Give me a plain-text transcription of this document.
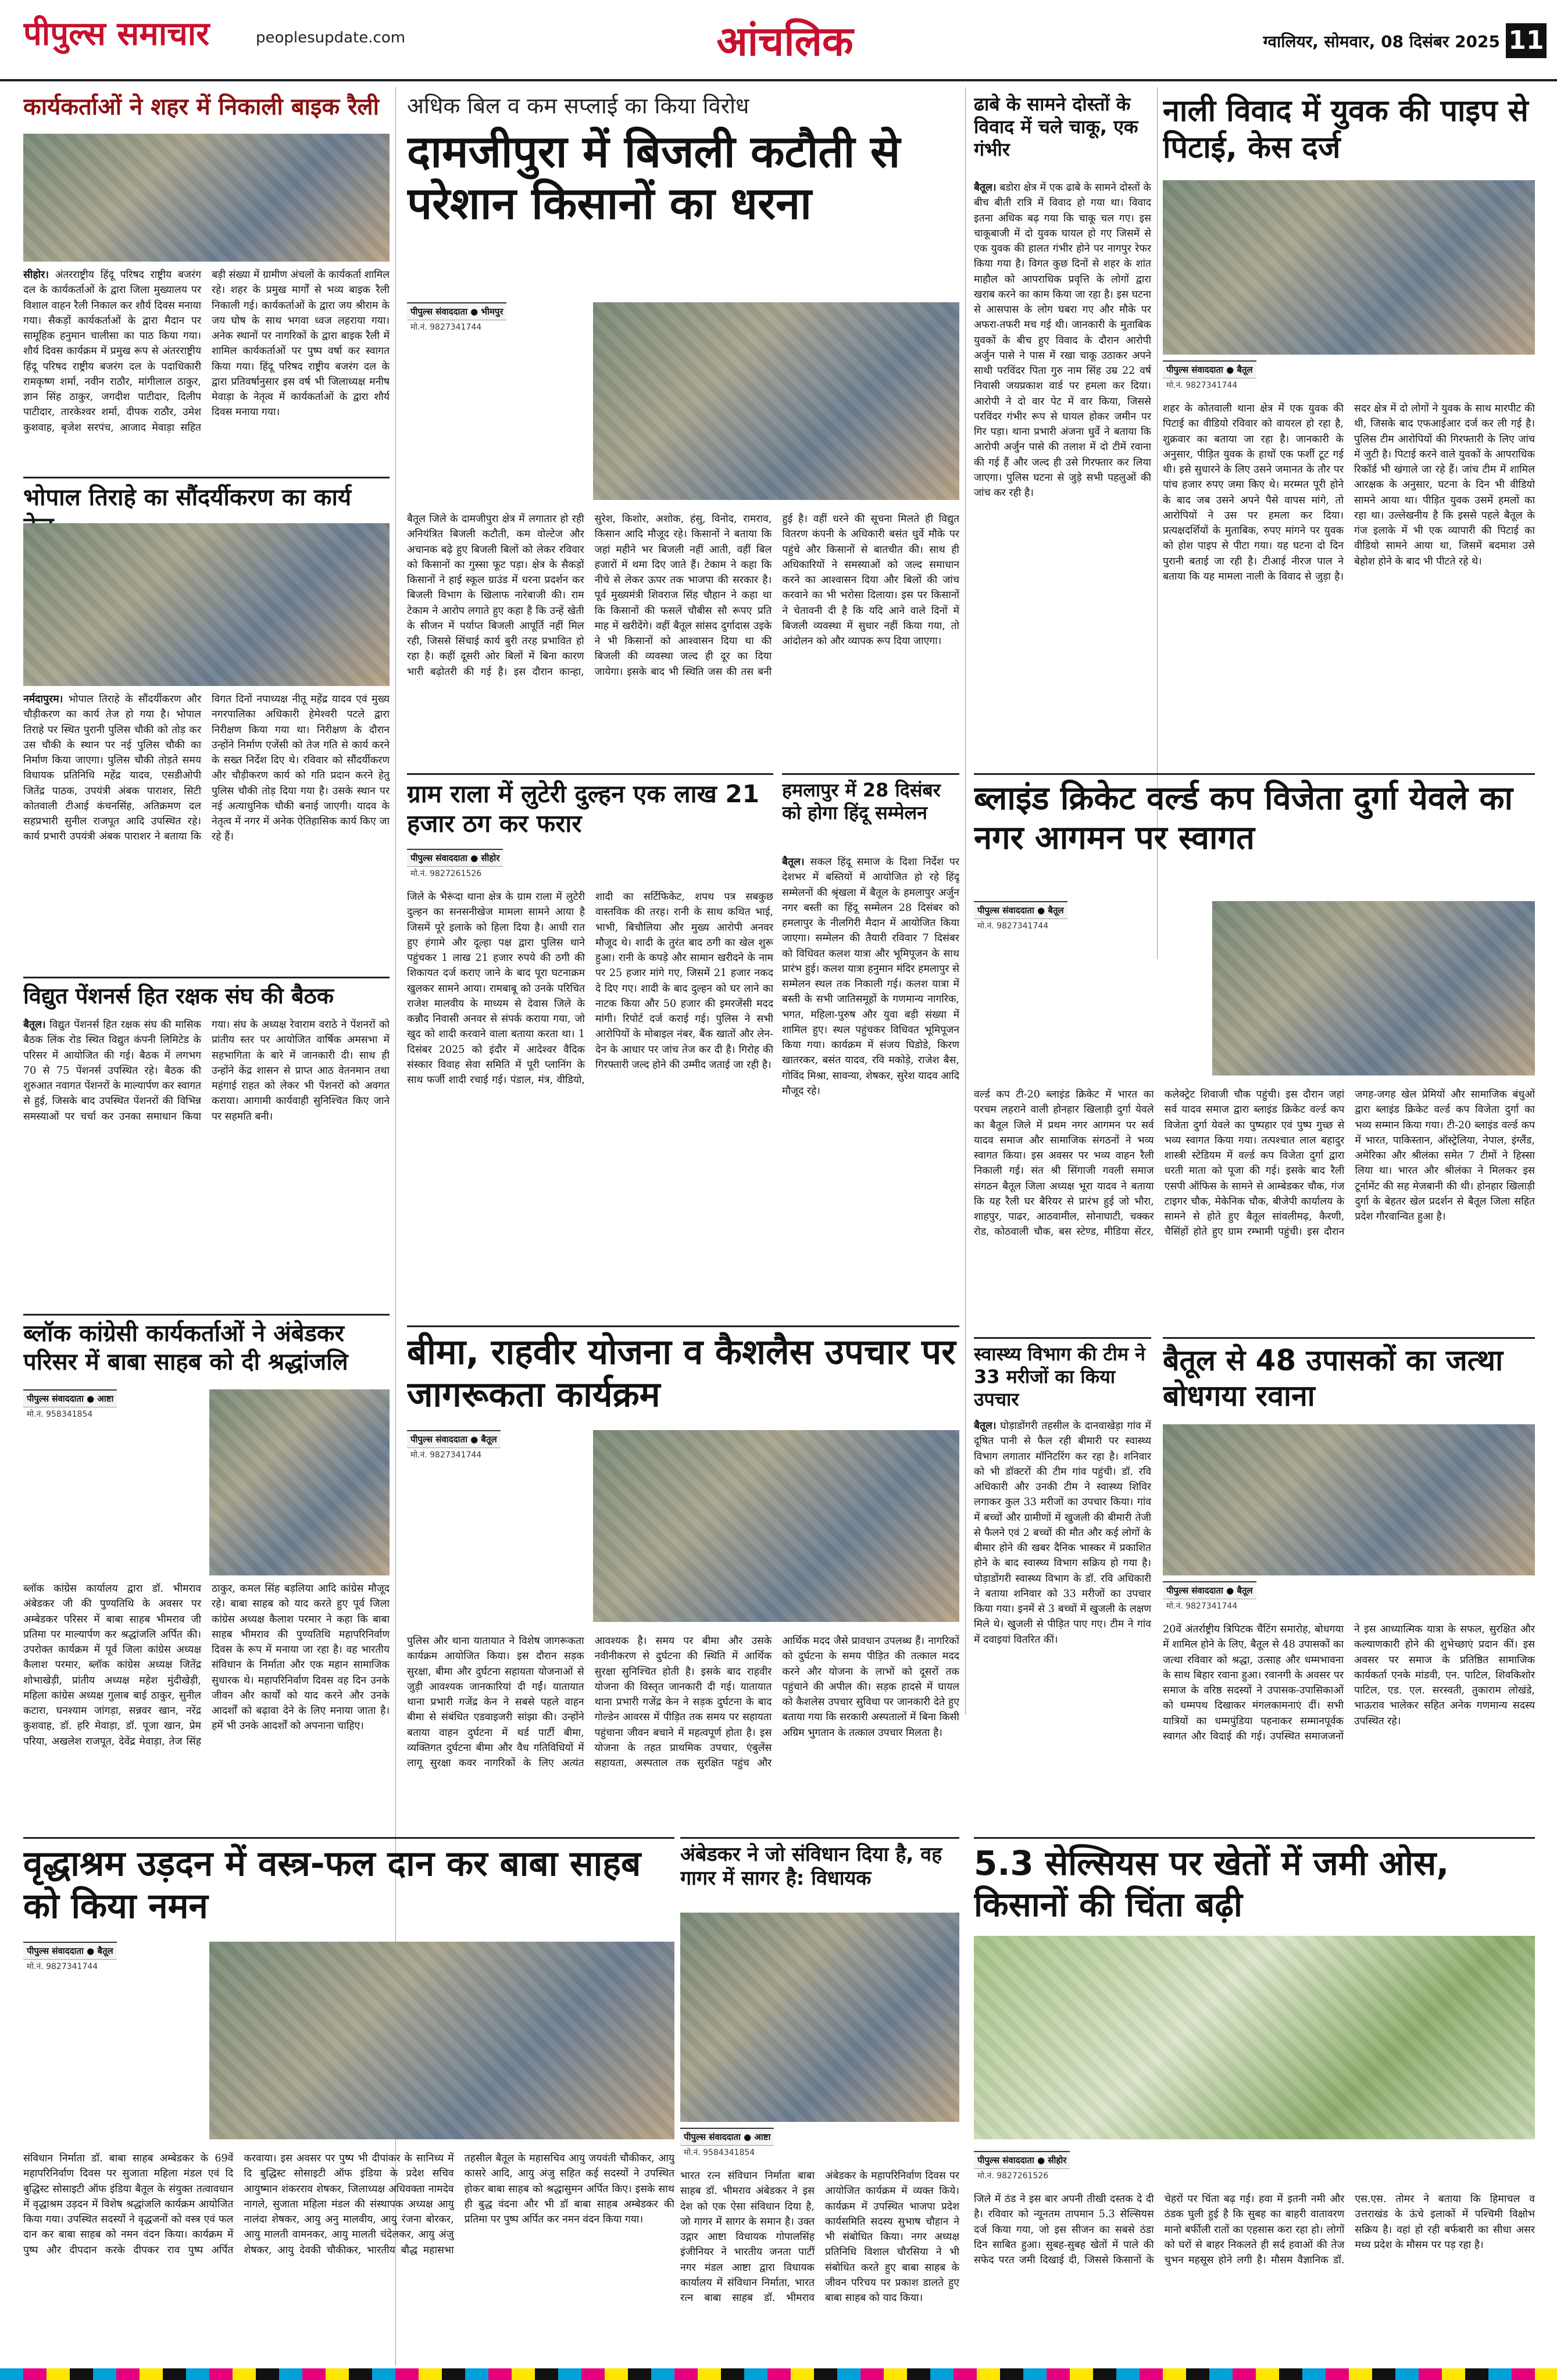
पीपुल्स समाचार	peoplesupdate.com	आंचलिक	ग्वालियर, सोमवार, 08 दिसंबर 2025 11
कार्यकर्ताओं ने शहर में निकाली बाइक रैली
सीहोर। अंतरराष्ट्रीय हिंदू परिषद राष्ट्रीय बजरंग दल के कार्यकर्ताओं के द्वारा जिला मुख्यालय पर विशाल वाहन रैली निकाल कर शौर्य दिवस मनाया गया। सैकड़ों कार्यकर्ताओं के द्वारा मैदान पर सामूहिक हनुमान चालीसा का पाठ किया गया। शौर्य दिवस कार्यक्रम में प्रमुख रूप से अंतरराष्ट्रीय हिंदू परिषद राष्ट्रीय बजरंग दल के पदाधिकारी रामकृष्ण शर्मा, नवीन राठौर, मांगीलाल ठाकुर, ज्ञान सिंह ठाकुर, जगदीश पाटीदार, दिलीप पाटीदार, तारकेश्वर शर्मा, दीपक राठौर, उमेश कुशवाह, बृजेश सरपंच, आजाद मेवाड़ा सहित बड़ी संख्या में ग्रामीण अंचलों के कार्यकर्ता शामिल रहे। शहर के प्रमुख मार्गों से भव्य बाइक रैली निकाली गई। कार्यकर्ताओं के द्वारा जय श्रीराम के जय घोष के साथ भगवा ध्वज लहराया गया। अनेक स्थानों पर नागरिकों के द्वारा बाइक रैली में शामिल कार्यकर्ताओं पर पुष्प वर्षा कर स्वागत किया गया। हिंदू परिषद राष्ट्रीय बजरंग दल के द्वारा प्रतिवर्षानुसार इस वर्ष भी जिलाध्यक्ष मनीष मेवाड़ा के नेतृत्व में कार्यकर्ताओं के द्वारा शौर्य दिवस मनाया गया।
भोपाल तिराहे का सौंदर्यीकरण का कार्य
नर्मदापुरम। भोपाल तिराहे के सौंदर्यीकरण और चौड़ीकरण का कार्य तेज हो गया है। भोपाल तिराहे पर स्थित पुरानी पुलिस चौकी को तोड़ कर उस चौकी के स्थान पर नई पुलिस चौकी का निर्माण किया जाएगा। पुलिस चौकी तोड़ते समय विधायक प्रतिनिधि महेंद्र यादव, एसडीओपी जितेंद्र पाठक, उपयंत्री अंबक पाराशर, सिटी कोतवाली टीआई कंचनसिंह, अतिक्रमण दल सहप्रभारी सुनील राजपूत आदि उपस्थित रहे। कार्य प्रभारी उपयंत्री अंबक पाराशर ने बताया कि विगत दिनों नपाध्यक्ष नीतू महेंद्र यादव एवं मुख्य नगरपालिका अधिकारी हेमेश्वरी पटले द्वारा निरीक्षण किया गया था। निरीक्षण के दौरान उन्होंने निर्माण एजेंसी को तेज गति से कार्य करने के सख्त निर्देश दिए थे। रविवार को सौंदर्यीकरण और चौड़ीकरण कार्य को गति प्रदान करने हेतु पुलिस चौकी तोड़ दिया गया है। उसके स्थान पर नई अत्याधुनिक चौकी बनाई जाएगी। यादव के नेतृत्व में नगर में अनेक ऐतिहासिक कार्य किए जा रहे हैं।
विद्युत पेंशनर्स हित रक्षक संघ की बैठक
बैतूल। विद्युत पेंशनर्स हित रक्षक संघ की मासिक बैठक लिंक रोड स्थित विद्युत कंपनी लिमिटेड के परिसर में आयोजित की गई। बैठक में लगभग 70 से 75 पेंशनर्स उपस्थित रहे। बैठक की शुरुआत नवागत पेंशनरों के माल्यार्पण कर स्वागत से हुई, जिसके बाद उपस्थित पेंशनरों की विभिन्न समस्याओं पर चर्चा कर उनका समाधान किया गया। संघ के अध्यक्ष रेवाराम वराठे ने पेंशनरों को प्रांतीय स्तर पर आयोजित वार्षिक अमसभा में सहभागिता के बारे में जानकारी दी। साथ ही उन्होंने केंद्र शासन से प्राप्त आठ वेतनमान तथा महंगाई राहत को लेकर भी पेंशनरों को अवगत कराया। आगामी कार्यवाही सुनिश्चित किए जाने पर सहमति बनी।
ब्लॉक कांग्रेसी कार्यकर्ताओं ने अंबेडकर परिसर में बाबा साहब को दी श्रद्धांजलि
पीपुल्स संवाददाता ● आष्टा
मो.नं. 9583418​54
ब्लॉक कांग्रेस कार्यालय द्वारा डॉ. भीमराव अंबेडकर जी की पुण्यतिथि के अवसर पर अम्बेडकर परिसर में बाबा साहब भीमराव जी प्रतिमा पर माल्यार्पण कर श्रद्धांजलि अर्पित की। उपरोक्त कार्यक्रम में पूर्व जिला कांग्रेस अध्यक्ष कैलाश परमार, ब्लॉक कांग्रेस अध्यक्ष जितेंद्र शोभाखेड़ी, प्रांतीय अध्यक्ष महेश मुंदीखेड़ी, महिला कांग्रेस अध्यक्ष गुलाब बाई ठाकुर, सुनील कटारा, घनश्याम जांगड़ा, सन्नवर खान, नरेंद्र कुशवाह, डॉ. हरि मेवाड़ा, डॉ. पूजा खान, प्रेम परिया, अखलेश राजपूत, देवेंद्र मेवाड़ा, तेज सिंह ठाकुर, कमल सिंह बड़लिया आदि कांग्रेस मौजूद रहे। बाबा साहब को याद करते हुए पूर्व जिला कांग्रेस अध्यक्ष कैलाश परमार ने कहा कि बाबा साहब भीमराव की पुण्यतिथि महापरिनिर्वाण दिवस के रूप में मनाया जा रहा है। वह भारतीय संविधान के निर्माता और एक महान सामाजिक सुधारक थे। महापरिनिर्वाण दिवस वह दिन उनके जीवन और कार्यों को याद करने और उनके आदर्शों को बढ़ावा देने के लिए मनाया जाता है। हमें भी उनके आदर्शों को अपनाना चाहिए।
वृद्धाश्रम उड़दन में वस्त्र-फल दान कर बाबा साहब को किया नमन
पीपुल्स संवाददाता ● बैतूल
मो.नं. 9827341744
संविधान निर्माता डॉ. बाबा साहब अम्बेडकर के 69वें महापरिनिर्वाण दिवस पर सुजाता महिला मंडल एवं दि बुद्धिस्ट सोसाइटी ऑफ इंडिया बैतूल के संयुक्त तत्वावधान में वृद्धाश्रम उड़दन में विशेष श्रद्धांजलि कार्यक्रम आयोजित किया गया। उपस्थित सदस्यों ने वृद्धजनों को वस्त्र एवं फल दान कर बाबा साहब को नमन वंदन किया। कार्यक्रम में पुष्प और दीपदान करके दीपकर राव पुष्प अर्पित करवाया। इस अवसर पर पुष्प भी दीपांकर के सानिध्य में दि बुद्धिस्ट सोसाइटी ऑफ इंडिया के प्रदेश सचिव आयुष्मान शंकरराव शेषकर, जिलाध्यक्ष अधिवक्ता नामदेव नागले, सुजाता महिला मंडल की संस्थापक अध्यक्ष आयु नालंदा शेषकर, आयु अनु मालवीय, आयु रंजना बोरकर, आयु मालती वामनकर, आयु मालती चंदेलकर, आयु अंजु शेषकर, आयु देवकी चौकीकर, भारतीय बौद्ध महासभा तहसील बैतूल के महासचिव आयु जयवंती चौकीकर, आयु कासरे आदि, आयु अंजु सहित कई सदस्यों ने उपस्थित होकर बाबा साहब को श्रद्धासुमन अर्पित किए। इसके साथ ही बुद्ध वंदना और भी डॉ बाबा साहब अम्बेडकर की प्रतिमा पर पुष्प अर्पित कर नमन वंदन किया गया।
अधिक बिल व कम सप्लाई का किया विरोध
दामजीपुरा में बिजली कटौती से परेशान किसानों का धरना
पीपुल्स संवाददाता ● भीमपुर
मो.नं. 9827341744
बैतूल जिले के दामजीपुरा क्षेत्र में लगातार हो रही अनियंत्रित बिजली कटौती, कम वोल्टेज और अचानक बढ़े हुए बिजली बिलों को लेकर रविवार को किसानों का गुस्सा फूट पड़ा। क्षेत्र के सैकड़ों किसानों ने हाई स्कूल ग्राउंड में धरना प्रदर्शन कर बिजली विभाग के खिलाफ नारेबाजी की। राम टेकाम ने आरोप लगाते हुए कहा है कि उन्हें खेती के सीजन में पर्याप्त बिजली आपूर्ति नहीं मिल रही, जिससे सिंचाई कार्य बुरी तरह प्रभावित हो रहा है। कहीं दूसरी ओर बिलों में बिना कारण भारी बढ़ोतरी की गई है। इस दौरान कान्हा, सुरेश, किशोर, अशोक, हंसु, विनोद, रामराव, किसान आदि मौजूद रहे। किसानों ने बताया कि जहां महीने भर बिजली नहीं आती, वहीं बिल हजारों में थमा दिए जाते हैं। टेकाम ने कहा कि नीचे से लेकर ऊपर तक भाजपा की सरकार है। पूर्व मुख्यमंत्री शिवराज सिंह चौहान ने कहा था कि किसानों की फसलें चौबीस सौ रूपए प्रति माह में खरीदेंगे। वहीं बैतूल सांसद दुर्गादास उइके ने भी किसानों को आश्वासन दिया था की बिजली की व्यवस्था जल्द ही दूर का दिया जायेगा। इसके बाद भी स्थिति जस की तस बनी हुई है। वहीं धरने की सूचना मिलते ही विद्युत वितरण कंपनी के अधिकारी बसंत धुर्वे मौके पर पहुंचे और किसानों से बातचीत की। साथ ही अधिकारियों ने समस्याओं को जल्द समाधान करने का आश्वासन दिया और बिलों की जांच करवाने का भी भरोसा दिलाया। इस पर किसानों ने चेतावनी दी है कि यदि आने वाले दिनों में बिजली व्यवस्था में सुधार नहीं किया गया, तो आंदोलन को और व्यापक रूप दिया जाएगा।
ग्राम राला में लुटेरी दुल्हन एक लाख 21 हजार ठग कर फरार
पीपुल्स संवाददाता ● सीहोर
मो.नं. 9827261526
जिले के भैरूंदा थाना क्षेत्र के ग्राम राला में लुटेरी दुल्हन का सनसनीखेज मामला सामने आया है जिसमें पूरे इलाके को हिला दिया है। आधी रात हुए हंगामे और दूल्हा पक्ष द्वारा पुलिस थाने पहुंचकर 1 लाख 21 हजार रुपये की ठगी की शिकायत दर्ज कराए जाने के बाद पूरा घटनाक्रम खुलकर सामने आया। रामबाबू को उनके परिचित राजेश मालवीय के माध्यम से देवास जिले के कन्नौद निवासी अनवर से संपर्क कराया गया, जो खुद को शादी करवाने वाला बताया करता था। 1 दिसंबर 2025 को इंदौर में आदेश्वर वैदिक संस्कार विवाह सेवा समिति में पूरी प्लानिंग के साथ फर्जी शादी रचाई गई। पंडाल, मंत्र, वीडियो, शादी का सर्टिफिकेट, शपथ पत्र सबकुछ वास्तविक की तरह। रानी के साथ कथित भाई, भाभी, बिचौलिया और मुख्य आरोपी अनवर मौजूद थे। शादी के तुरंत बाद ठगी का खेल शुरू हुआ। रानी के कपड़े और सामान खरीदने के नाम पर 25 हजार मांगे गए, जिसमें 21 हजार नकद दे दिए गए। शादी के बाद दुल्हन को घर लाने का नाटक किया और 50 हजार की इमरजेंसी मदद मांगी। रिपोर्ट दर्ज कराई गई। पुलिस ने सभी आरोपियों के मोबाइल नंबर, बैंक खातों और लेन-देन के आधार पर जांच तेज कर दी है। गिरोह की गिरफ्तारी जल्द होने की उम्मीद जताई जा रही है।
हमलापुर में 28 दिसंबर को होगा हिंदू सम्मेलन
बैतूल। सकल हिंदू समाज के दिशा निर्देश पर देशभर में बस्तियों में आयोजित हो रहे हिंदू सम्मेलनों की श्रृंखला में बैतूल के हमलापुर अर्जुन नगर बस्ती का हिंदू सम्मेलन 28 दिसंबर को हमलापुर के नीलगिरी मैदान में आयोजित किया जाएगा। सम्मेलन की तैयारी रविवार 7 दिसंबर को विधिवत कलश यात्रा और भूमिपूजन के साथ प्रारंभ हुई। कलश यात्रा हनुमान मंदिर हमलापुर से सम्मेलन स्थल तक निकाली गई। कलश यात्रा में बस्ती के सभी जातिसमूहों के गणमान्य नागरिक, भगत, महिला-पुरुष और युवा बड़ी संख्या में शामिल हुए। स्थल पहुंचकर विधिवत भूमिपूजन किया गया। कार्यक्रम में संजय घिडोडे, किरण खातरकर, बसंत यादव, रवि मकोड़े, राजेश बैस, गोविंद मिश्रा, सावन्या, शेषकर, सुरेश यादव आदि मौजूद रहे।
बीमा, राहवीर योजना व कैशलैस उपचार पर जागरूकता कार्यक्रम
पीपुल्स संवाददाता ● बैतूल
मो.नं. 9827341744
पुलिस और थाना यातायात ने विशेष जागरूकता कार्यक्रम आयोजित किया। इस दौरान सड़क सुरक्षा, बीमा और दुर्घटना सहायता योजनाओं से जुड़ी आवश्यक जानकारियां दी गईं। यातायात थाना प्रभारी गजेंद्र केन ने सबसे पहले वाहन बीमा से संबंधित एडवाइजरी सांझा की। उन्होंने बताया वाहन दुर्घटना में थर्ड पार्टी बीमा, व्यक्तिगत दुर्घटना बीमा और वैध गतिविधियों में लागू सुरक्षा कवर नागरिकों के लिए अत्यंत आवश्यक है। समय पर बीमा और उसके नवीनीकरण से दुर्घटना की स्थिति में आर्थिक सुरक्षा सुनिश्चित होती है। इसके बाद राहवीर योजना की विस्तृत जानकारी दी गई। यातायात थाना प्रभारी गजेंद्र केन ने सड़क दुर्घटना के बाद गोल्डेन आवरस में पीड़ित तक समय पर सहायता पहुंचाना जीवन बचाने में महत्वपूर्ण होता है। इस योजना के तहत प्राथमिक उपचार, एंबुलेंस सहायता, अस्पताल तक सुरक्षित पहुंच और आर्थिक मदद जैसे प्रावधान उपलब्ध हैं। नागरिकों को दुर्घटना के समय पीड़ित की तत्काल मदद करने और योजना के लाभों को दूसरों तक पहुंचाने की अपील की। सड़क हादसे में घायल को कैशलेस उपचार सुविधा पर जानकारी देते हुए बताया गया कि सरकारी अस्पतालों में बिना किसी अग्रिम भुगतान के तत्काल उपचार मिलता है।
अंबेडकर ने जो संविधान दिया है, वह गागर में सागर है: विधायक
पीपुल्स संवाददाता ● आष्टा
मो.नं. 9584341854
भारत रत्न संविधान निर्माता बाबा साहब डॉ. भीमराव अंबेडकर ने इस देश को एक ऐसा संविधान दिया है, जो गागर में सागर के समान है। उक्त उद्गार आष्टा विधायक गोपालसिंह इंजीनियर ने भारतीय जनता पार्टी नगर मंडल आष्टा द्वारा विधायक कार्यालय में संविधान निर्माता, भारत रत्न बाबा साहब डॉ. भीमराव अंबेडकर के महापरिनिर्वाण दिवस पर आयोजित कार्यक्रम में व्यक्त किये। कार्यक्रम में उपस्थित भाजपा प्रदेश कार्यसमिति सदस्य सुभाष चौहान ने भी संबोधित किया। नगर अध्यक्ष प्रतिनिधि विशाल चौरसिया ने भी संबोधित करते हुए बाबा साहब के जीवन परिचय पर प्रकाश डालते हुए बाबा साहब को याद किया।
ढाबे के सामने दोस्तों के विवाद में चले चाकू, एक गंभीर
बैतूल। बडोरा क्षेत्र में एक ढाबे के सामने दोस्तों के बीच बीती रात्रि में विवाद हो गया था। विवाद इतना अधिक बढ़ गया कि चाकू चल गए। इस चाकूबाजी में दो युवक घायल हो गए जिसमें से एक युवक की हालत गंभीर होने पर नागपुर रेफर किया गया है। विगत कुछ दिनों से शहर के शांत माहौल को आपराधिक प्रवृत्ति के लोगों द्वारा खराब करने का काम किया जा रहा है। इस घटना से आसपास के लोग घबरा गए और मौके पर अफरा-तफरी मच गई थी। जानकारी के मुताबिक युवकों के बीच हुए विवाद के दौरान आरोपी अर्जुन पासे ने पास में रखा चाकू उठाकर अपने साथी परविंदर पिता गुरु नाम सिंह उम्र 22 वर्ष निवासी जयप्रकाश वार्ड पर हमला कर दिया। आरोपी ने दो वार पेट में वार किया, जिससे परविंदर गंभीर रूप से घायल होकर जमीन पर गिर पड़ा। थाना प्रभारी अंजना धुर्वे ने बताया कि आरोपी अर्जुन पासे की तलाश में दो टीमें रवाना की गई हैं और जल्द ही उसे गिरफ्तार कर लिया जाएगा। पुलिस घटना से जुड़े सभी पहलुओं की जांच कर रही है।
नाली विवाद में युवक की पाइप से पिटाई, केस दर्ज
पीपुल्स संवाददाता ● बैतूल
मो.नं. 9827341744
शहर के कोतवाली थाना क्षेत्र में एक युवक की पिटाई का वीडियो रविवार को वायरल हो रहा है, शुक्रवार का बताया जा रहा है। जानकारी के अनुसार, पीड़ित युवक के हाथों एक फर्शी टूट गई थी। इसे सुधारने के लिए उसने जमानत के तौर पर पांच हजार रुपए जमा किए थे। मरम्मत पूरी होने के बाद जब उसने अपने पैसे वापस मांगे, तो आरोपियों ने उस पर हमला कर दिया। प्रत्यक्षदर्शियों के मुताबिक, रुपए मांगने पर युवक को होश पाइप से पीटा गया। यह घटना दो दिन पुरानी बताई जा रही है। टीआई नीरज पाल ने बताया कि यह मामला नाली के विवाद से जुड़ा है। सदर क्षेत्र में दो लोगों ने युवक के साथ मारपीट की थी, जिसके बाद एफआईआर दर्ज कर ली गई है। पुलिस टीम आरोपियों की गिरफ्तारी के लिए जांच में जुटी है। पिटाई करने वाले युवकों के आपराधिक रिकॉर्ड भी खंगाले जा रहे हैं। जांच टीम में शामिल आरक्षक के अनुसार, घटना के दिन भी वीडियो सामने आया था। पीड़ित युवक उसमें हमलों का रहा था। उल्लेखनीय है कि इससे पहले बैतूल के गंज इलाके में भी एक व्यापारी की पिटाई का वीडियो सामने आया था, जिसमें बदमाश उसे बेहोश होने के बाद भी पीटते रहे थे।
ब्लाइंड क्रिकेट वर्ल्ड कप विजेता दुर्गा येवले का नगर आगमन पर स्वागत
पीपुल्स संवाददाता ● बैतूल
मो.नं. 9827341744
वर्ल्ड कप टी-20 ब्लाइंड क्रिकेट में भारत का परचम लहराने वाली होनहार खिलाड़ी दुर्गा येवले का बैतूल जिले में प्रथम नगर आगमन पर सर्व यादव समाज और सामाजिक संगठनों ने भव्य स्वागत किया। इस अवसर पर भव्य वाहन रैली निकाली गई। संत श्री सिंगाजी गवली समाज संगठन बैतूल जिला अध्यक्ष भूरा यादव ने बताया कि यह रैली घर बैरियर से प्रारंभ हुई जो भौरा, शाहपुर, पाढर, आठवामील, सोनाघाटी, चक्कर रोड, कोठवाली चौक, बस स्टेण्ड, मीडिया सेंटर, कलेक्ट्रेट शिवाजी चौक पहुंची। इस दौरान जहां सर्व यादव समाज द्वारा ब्लाइंड क्रिकेट वर्ल्ड कप विजेता दुर्गा येवले का पुष्पहार एवं पुष्प गुच्छ से भव्य स्वागत किया गया। तत्पश्चात लाल बहादुर शास्त्री स्टेडियम में वर्ल्ड कप विजेता दुर्गा द्वारा धरती माता को पूजा की गई। इसके बाद रैली एसपी ऑफिस के सामने से आम्बेडकर चौक, गंज टाइगर चौक, मेकेनिक चौक, बीजेपी कार्यालय के सामने से होते हुए बैतूल सांवलीमढ़, कैरणी, चैसिंहों होते हुए ग्राम रम्भामी पहुंची। इस दौरान जगह-जगह खेल प्रेमियों और सामाजिक बंधुओं द्वारा ब्लाइंड क्रिकेट वर्ल्ड कप विजेता दुर्गा का भव्य सम्मान किया गया। टी-20 ब्लाइंड वर्ल्ड कप में भारत, पाकिस्तान, ऑस्ट्रेलिया, नेपाल, इंग्लैंड, अमेरिका और श्रीलंका समेत 7 टीमों ने हिस्सा लिया था। भारत और श्रीलंका ने मिलकर इस टूर्नामेंट की सह मेजबानी की थी। होनहार खिलाड़ी दुर्गा के बेहतर खेल प्रदर्शन से बैतूल जिला सहित प्रदेश गौरवान्वित हुआ है।
स्वास्थ्य विभाग की टीम ने 33 मरीजों का किया उपचार
बैतूल। घोड़ाडोंगरी तहसील के दानवाखेड़ा गांव में दूषित पानी से फैल रही बीमारी पर स्वास्थ्य विभाग लगातार मॉनिटरिंग कर रहा है। शनिवार को भी डॉक्टरों की टीम गांव पहुंची। डॉ. रवि अधिकारी और उनकी टीम ने स्वास्थ्य शिविर लगाकर कुल 33 मरीजों का उपचार किया। गांव में बच्चों और ग्रामीणों में खुजली की बीमारी तेजी से फैलने एवं 2 बच्चों की मौत और कई लोगों के बीमार होने की खबर दैनिक भास्कर में प्रकाशित होने के बाद स्वास्थ्य विभाग सक्रिय हो गया है। घोड़ाडोंगरी स्वास्थ्य विभाग के डॉ. रवि अधिकारी ने बताया शनिवार को 33 मरीजों का उपचार किया गया। इनमें से 3 बच्चों में खुजली के लक्षण मिले थे। खुजली से पीड़ित पाए गए। टीम ने गांव में दवाइयां वितरित कीं।
बैतूल से 48 उपासकों का जत्था बोधगया रवाना
पीपुल्स संवाददाता ● बैतूल
मो.नं. 9827341744
20वें अंतर्राष्ट्रीय त्रिपिटक चैंटिंग समारोह, बोधगया में शामिल होने के लिए, बैतूल से 48 उपासकों का जत्था रविवार को श्रद्धा, उत्साह और धम्मभावना के साथ बिहार रवाना हुआ। रवानगी के अवसर पर समाज के वरिष्ठ सदस्यों ने उपासक-उपासिकाओं को धम्मपथ दिखाकर मंगलकामनाएं दीं। सभी यात्रियों का धम्मपुंडिया पहनाकर सम्मानपूर्वक स्वागत और विदाई की गई। उपस्थित समाजजनों ने इस आध्यात्मिक यात्रा के सफल, सुरक्षित और कल्याणकारी होने की शुभेच्छाएं प्रदान कीं। इस अवसर पर समाज के प्रतिष्ठित सामाजिक कार्यकर्ता एनके मांडवी, एन. पाटिल, शिवकिशोर पाटिल, एड. एल. सरस्वती, तुकाराम लोखंडे, भाऊराव भालेकर सहित अनेक गणमान्य सदस्य उपस्थित रहे।
5.3 सेल्सियस पर खेतों में जमी ओस, किसानों की चिंता बढ़ी
पीपुल्स संवाददाता ● सीहोर
मो.नं. 9827261526
जिले में ठंड ने इस बार अपनी तीखी दस्तक दे दी है। रविवार को न्यूनतम तापमान 5.3 सेल्सियस दर्ज किया गया, जो इस सीजन का सबसे ठंडा दिन साबित हुआ। सुबह-सुबह खेतों में पाले की सफेद परत जमी दिखाई दी, जिससे किसानों के चेहरों पर चिंता बढ़ गई। हवा में इतनी नमी और ठंडक घुली हुई है कि सुबह का बाहरी वातावरण मानो बर्फीली रातों का एहसास करा रहा हो। लोगों को घरों से बाहर निकलते ही सर्द हवाओं की तेज चुभन महसूस होने लगी है। मौसम वैज्ञानिक डॉ. एस.एस. तोमर ने बताया कि हिमाचल व उत्तराखंड के ऊंचे इलाकों में पश्चिमी विक्षोभ सक्रिय है। वहां हो रही बर्फबारी का सीधा असर मध्य प्रदेश के मौसम पर पड़ रहा है।
